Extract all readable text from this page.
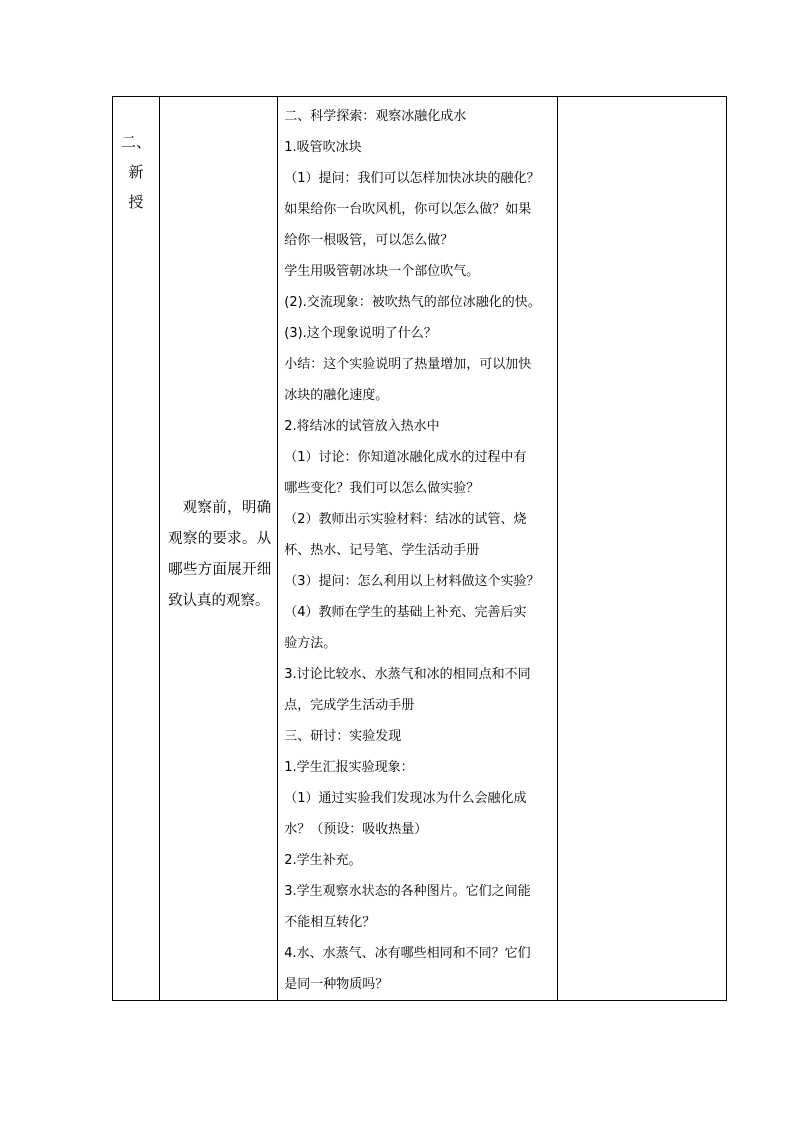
二、
新
授

观察前，明确观察的要求。从哪些方面展开细致认真的观察。

二、科学探索：观察冰融化成水
1.吸管吹冰块
（1）提问：我们可以怎样加快冰块的融化？
如果给你一台吹风机，你可以怎么做？如果
给你一根吸管，可以怎么做？
学生用吸管朝冰块一个部位吹气。
(2).交流现象：被吹热气的部位冰融化的快。
(3).这个现象说明了什么？
小结：这个实验说明了热量增加，可以加快
冰块的融化速度。
2.将结冰的试管放入热水中
（1）讨论：你知道冰融化成水的过程中有
哪些变化？我们可以怎么做实验？
（2）教师出示实验材料：结冰的试管、烧
杯、热水、记号笔、学生活动手册
（3）提问：怎么利用以上材料做这个实验？
（4）教师在学生的基础上补充、完善后实
验方法。
3.讨论比较水、水蒸气和冰的相同点和不同
点，完成学生活动手册
三、研讨：实验发现
1.学生汇报实验现象：
（1）通过实验我们发现冰为什么会融化成
水？（预设：吸收热量）
2.学生补充。
3.学生观察水状态的各种图片。它们之间能
不能相互转化？
4.水、水蒸气、冰有哪些相同和不同？它们
是同一种物质吗？
